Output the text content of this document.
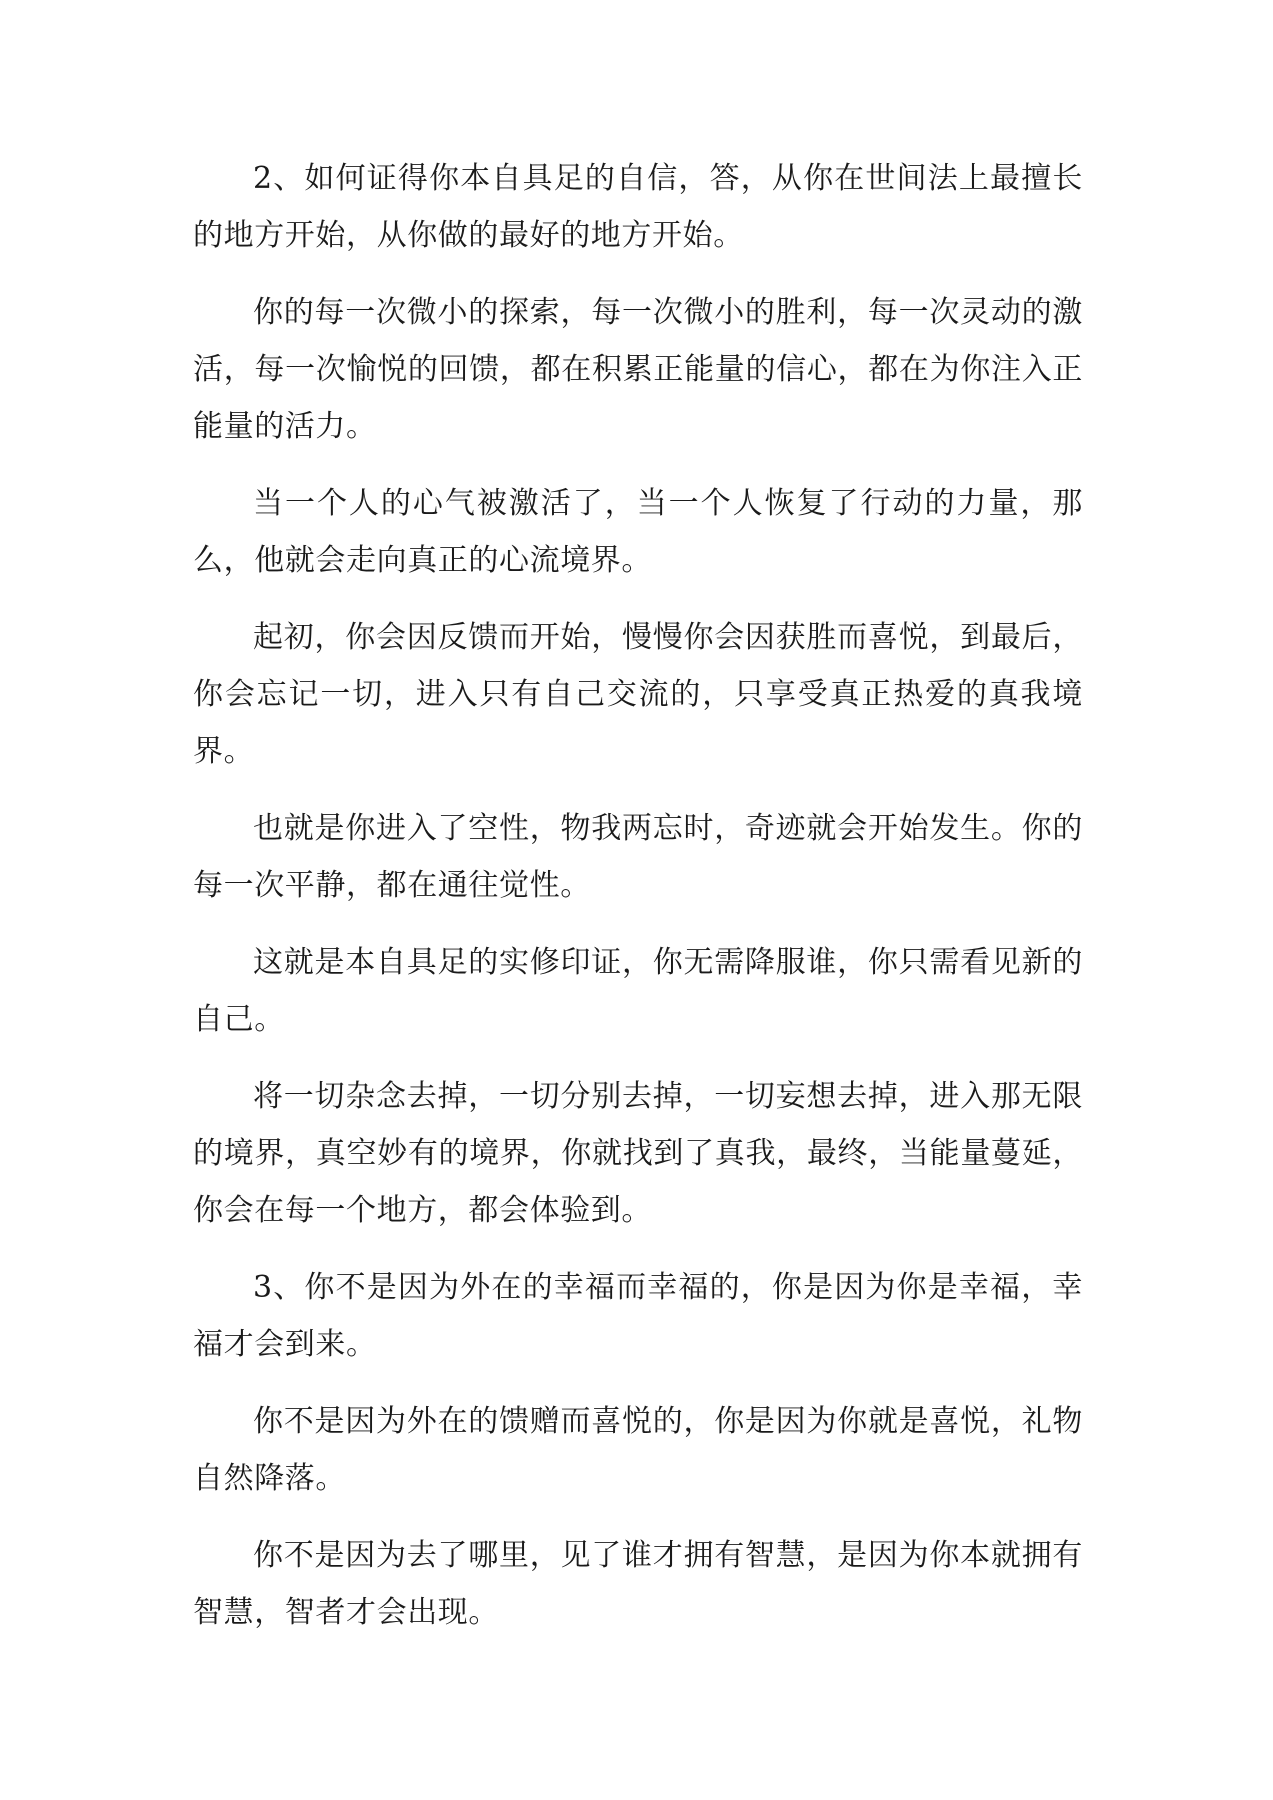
2、如何证得你本自具足的自信，答，从你在世间法上最擅长的地方开始，从你做的最好的地方开始。

你的每一次微小的探索，每一次微小的胜利，每一次灵动的激活，每一次愉悦的回馈，都在积累正能量的信心，都在为你注入正能量的活力。

当一个人的心气被激活了，当一个人恢复了行动的力量，那么，他就会走向真正的心流境界。

起初，你会因反馈而开始，慢慢你会因获胜而喜悦，到最后，你会忘记一切，进入只有自己交流的，只享受真正热爱的真我境界。

也就是你进入了空性，物我两忘时，奇迹就会开始发生。你的每一次平静，都在通往觉性。

这就是本自具足的实修印证，你无需降服谁，你只需看见新的自己。

将一切杂念去掉，一切分别去掉，一切妄想去掉，进入那无限的境界，真空妙有的境界，你就找到了真我，最终，当能量蔓延，你会在每一个地方，都会体验到。

3、你不是因为外在的幸福而幸福的，你是因为你是幸福，幸福才会到来。

你不是因为外在的馈赠而喜悦的，你是因为你就是喜悦，礼物自然降落。

你不是因为去了哪里，见了谁才拥有智慧，是因为你本就拥有智慧，智者才会出现。
